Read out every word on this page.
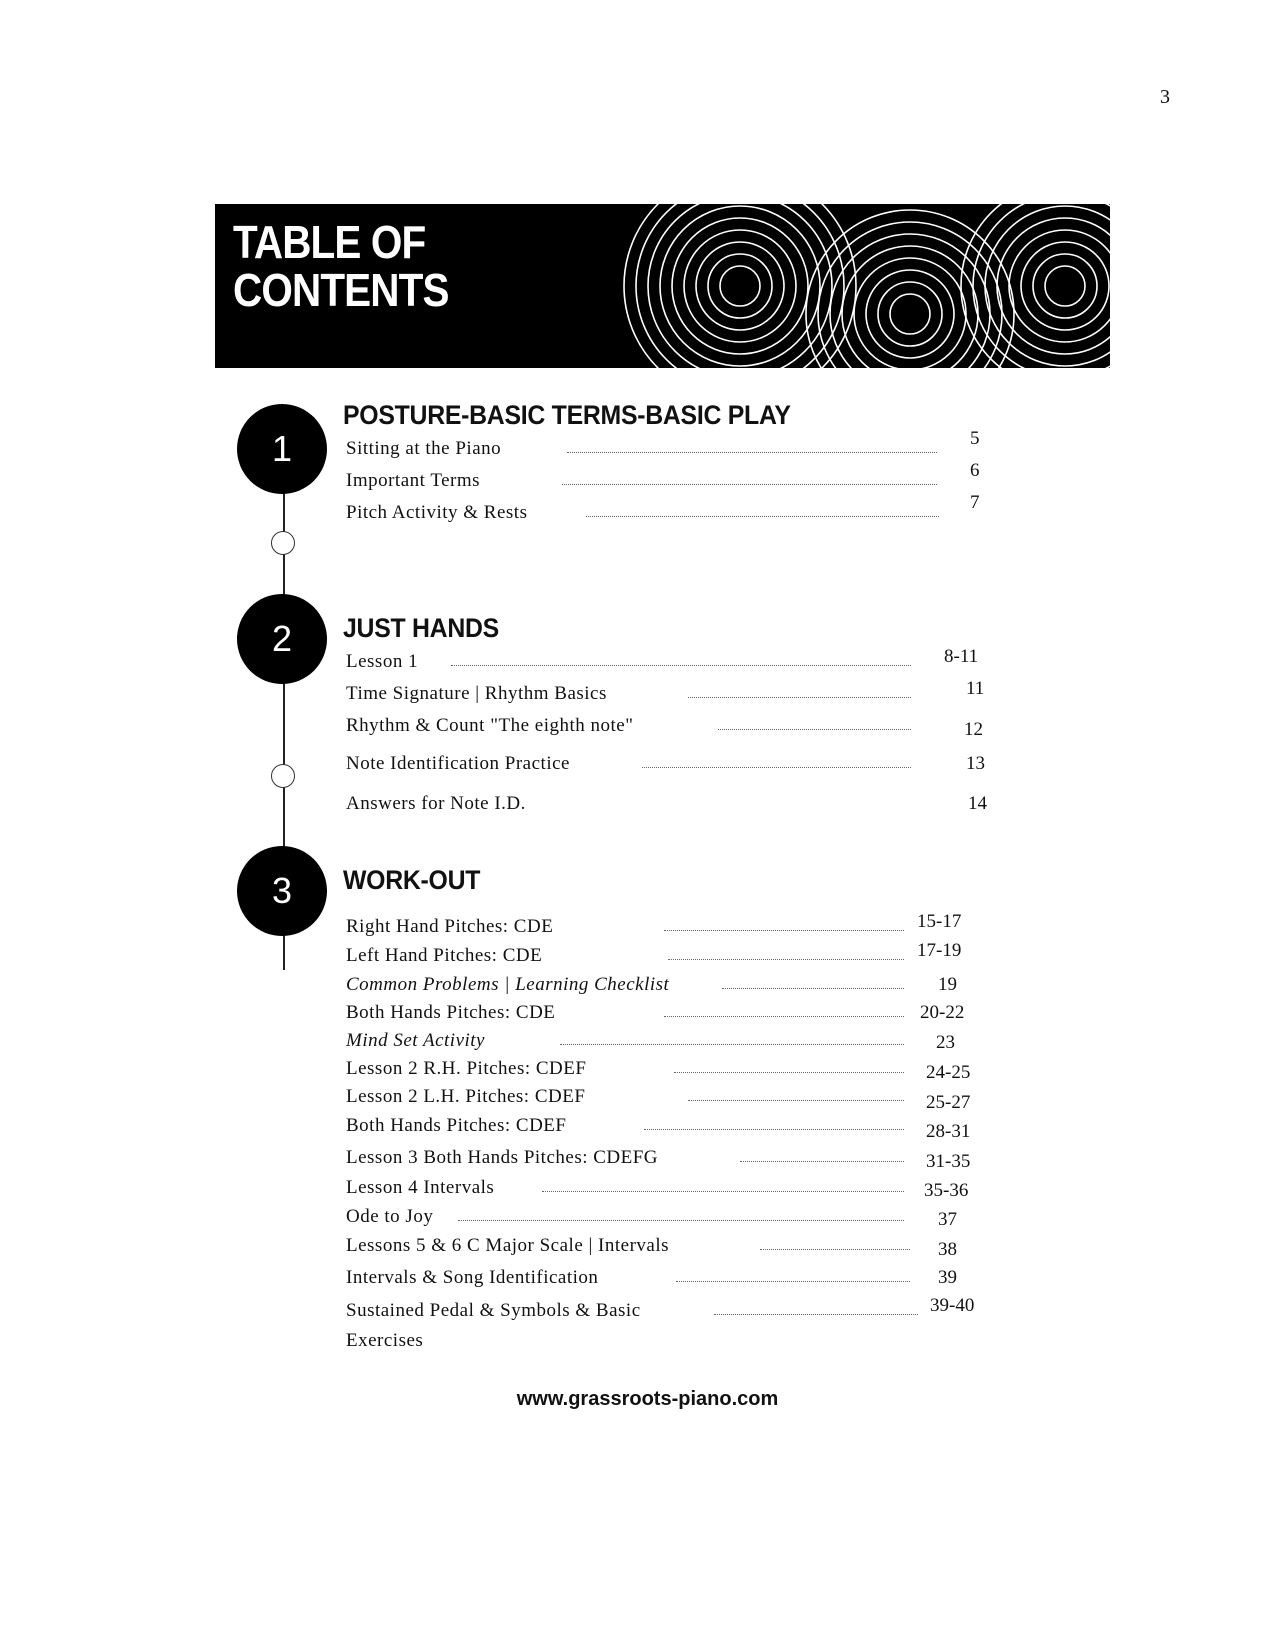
3
TABLE OF
CONTENTS
1
2
3
POSTURE-BASIC TERMS-BASIC PLAY
Sitting at the Piano	5
Important Terms	6
Pitch Activity & Rests	7
JUST HANDS
Lesson 1	8-11
Time Signature | Rhythm Basics	11
Rhythm & Count "The eighth note"	12
Note Identification Practice	13
Answers for Note I.D.	14
WORK-OUT
Right Hand Pitches: CDE	15-17
Left Hand Pitches: CDE	17-19
Common Problems | Learning Checklist	19
Both Hands Pitches: CDE	20-22
Mind Set Activity	23
Lesson 2 R.H. Pitches: CDEF	24-25
Lesson 2 L.H. Pitches: CDEF	25-27
Both Hands Pitches: CDEF	28-31
Lesson 3 Both Hands Pitches: CDEFG	31-35
Lesson 4 Intervals	35-36
Ode to Joy	37
Lessons 5 & 6 C Major Scale | Intervals	38
Intervals & Song Identification	39
Sustained Pedal & Symbols & Basic	39-40
Exercises
www.grassroots-piano.com
